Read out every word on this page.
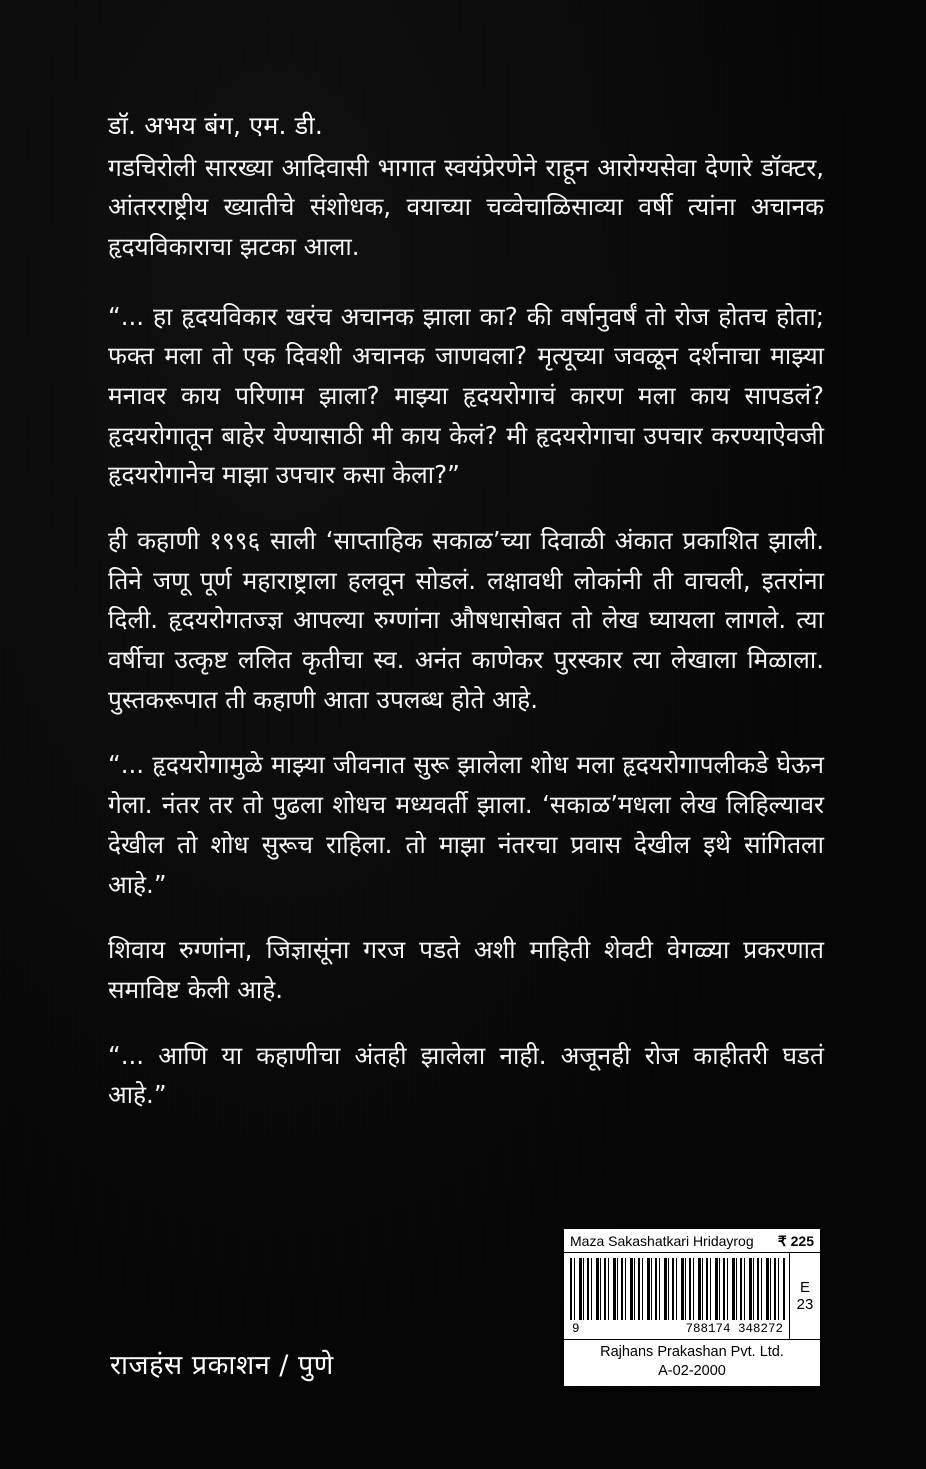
डॉ. अभय बंग, एम. डी.

गडचिरोली सारख्या आदिवासी भागात स्वयंप्रेरणेने राहून आरोग्यसेवा देणारे डॉक्टर, आंतरराष्ट्रीय ख्यातीचे संशोधक, वयाच्या चव्वेचाळिसाव्या वर्षी त्यांना अचानक हृदयविकाराचा झटका आला.

“... हा हृदयविकार खरंच अचानक झाला का? की वर्षानुवर्षं तो रोज होतच होता; फक्त मला तो एक दिवशी अचानक जाणवला? मृत्यूच्या जवळून दर्शनाचा माझ्या मनावर काय परिणाम झाला? माझ्या हृदयरोगाचं कारण मला काय सापडलं? हृदयरोगातून बाहेर येण्यासाठी मी काय केलं? मी हृदयरोगाचा उपचार करण्याऐवजी हृदयरोगानेच माझा उपचार कसा केला?”

ही कहाणी १९९६ साली ‘साप्ताहिक सकाळ’च्या दिवाळी अंकात प्रकाशित झाली. तिने जणू पूर्ण महाराष्ट्राला हलवून सोडलं. लक्षावधी लोकांनी ती वाचली, इतरांना दिली. हृदयरोगतज्ज्ञ आपल्या रुग्णांना औषधासोबत तो लेख घ्यायला लागले. त्या वर्षीचा उत्कृष्ट ललित कृतीचा स्व. अनंत काणेकर पुरस्कार त्या लेखाला मिळाला. पुस्तकरूपात ती कहाणी आता उपलब्ध होते आहे.

“... हृदयरोगामुळे माझ्या जीवनात सुरू झालेला शोध मला हृदयरोगापलीकडे घेऊन गेला. नंतर तर तो पुढला शोधच मध्यवर्ती झाला. ‘सकाळ’मधला लेख लिहिल्यावर देखील तो शोध सुरूच राहिला. तो माझा नंतरचा प्रवास देखील इथे सांगितला आहे.”

शिवाय रुग्णांना, जिज्ञासूंना गरज पडते अशी माहिती शेवटी वेगळ्या प्रकरणात समाविष्ट केली आहे.

“... आणि या कहाणीचा अंतही झालेला नाही. अजूनही रोज काहीतरी घडतं आहे.”

Maza Sakashatkari Hridayrog ₹ 225
9	788174 348272
E
23
Rajhans Prakashan Pvt. Ltd.
A-02-2000
राजहंस प्रकाशन / पुणे
